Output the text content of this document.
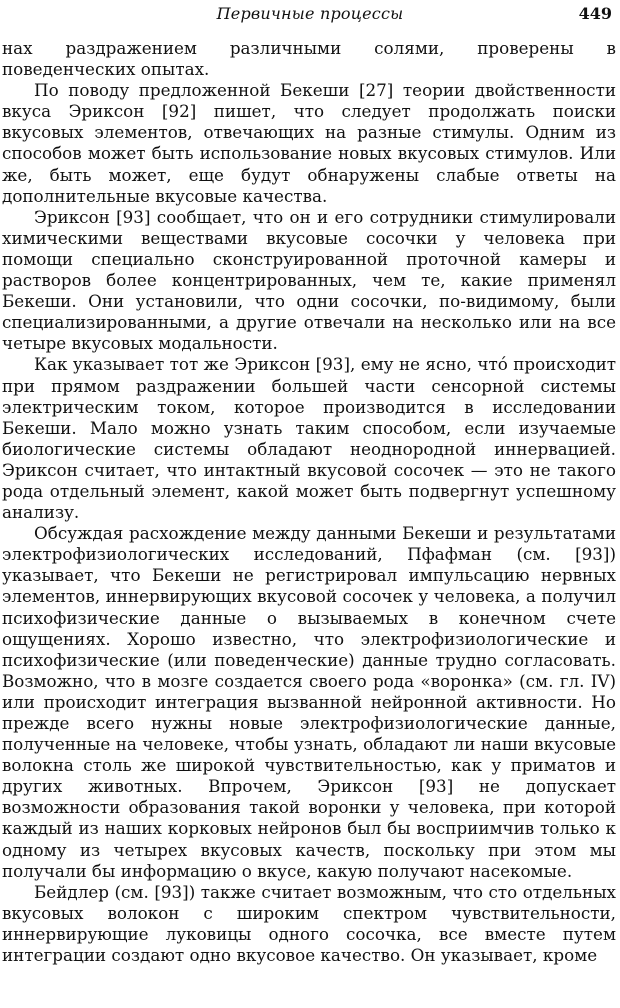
Первичные процессы	449

нах раздражением различными солями, проверены в поведенческих опытах.

По поводу предложенной Бекеши [27] теории двойственности вкуса Эриксон [92] пишет, что следует продолжать поиски вкусовых элементов, отвечающих на разные стимулы. Одним из способов может быть использование новых вкусовых стимулов. Или же, быть может, еще будут обнаружены слабые ответы на дополнительные вкусовые качества.

Эриксон [93] сообщает, что он и его сотрудники стимулировали химическими веществами вкусовые сосочки у человека при помощи специально сконструированной проточной камеры и растворов более концентрированных, чем те, какие применял Бекеши. Они установили, что одни сосочки, по-видимому, были специализированными, а другие отвечали на несколько или на все четыре вкусовых модальности.

Как указывает тот же Эриксон [93], ему не ясно, чтó происходит при прямом раздражении большей части сенсорной системы электрическим током, которое производится в исследовании Бекеши. Мало можно узнать таким способом, если изучаемые биологические системы обладают неоднородной иннервацией. Эриксон считает, что интактный вкусовой сосочек — это не такого рода отдельный элемент, какой может быть подвергнут успешному анализу.

Обсуждая расхождение между данными Бекеши и результатами электрофизиологических исследований, Пфафман (см. [93]) указывает, что Бекеши не регистрировал импульсацию нервных элементов, иннервирующих вкусовой сосочек у человека, а получил психофизические данные о вызываемых в конечном счете ощущениях. Хорошо известно, что электрофизиологические и психофизические (или поведенческие) данные трудно согласовать. Возможно, что в мозге создается своего рода «воронка» (см. гл. IV) или происходит интеграция вызванной нейронной активности. Но прежде всего нужны новые электрофизиологические данные, полученные на человеке, чтобы узнать, обладают ли наши вкусовые волокна столь же широкой чувствительностью, как у приматов и других животных. Впрочем, Эриксон [93] не допускает возможности образования такой воронки у человека, при которой каждый из наших корковых нейронов был бы восприимчив только к одному из четырех вкусовых качеств, поскольку при этом мы получали бы информацию о вкусе, какую получают насекомые.

Бейдлер (см. [93]) также считает возможным, что сто отдельных вкусовых волокон с широким спектром чувствительности, иннервирующие луковицы одного сосочка, все вместе путем интеграции создают одно вкусовое качество. Он указывает, кроме
